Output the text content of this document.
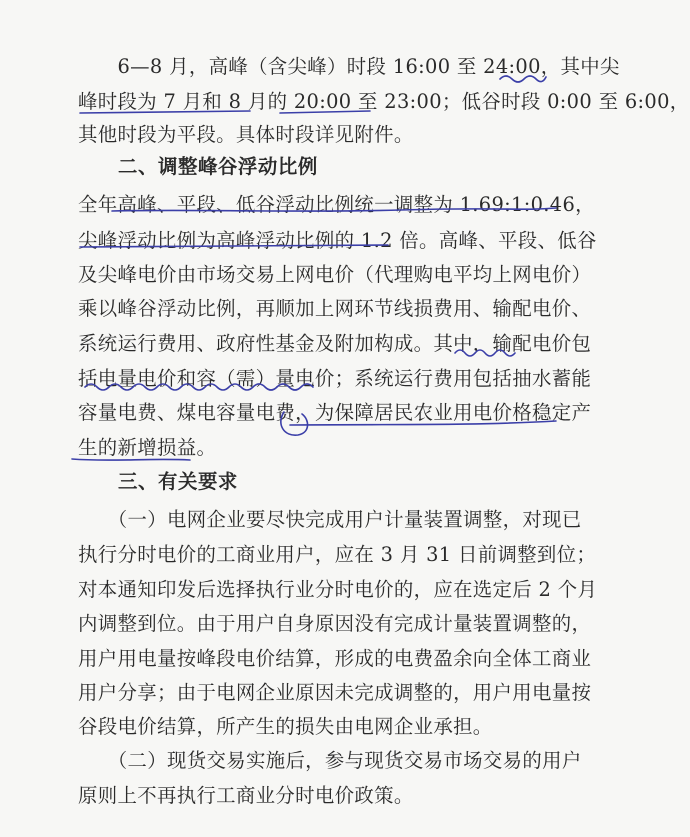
　　6—8 月，高峰（含尖峰）时段 16:00 至 24:00，其中尖
峰时段为 7 月和 8 月的 20:00 至 23:00；低谷时段 0:00 至 6:00，
其他时段为平段。具体时段详见附件。
　　二、调整峰谷浮动比例
全年高峰、平段、低谷浮动比例统一调整为 1.69:1:0.46，
尖峰浮动比例为高峰浮动比例的 1.2 倍。高峰、平段、低谷
及尖峰电价由市场交易上网电价（代理购电平均上网电价）
乘以峰谷浮动比例，再顺加上网环节线损费用、输配电价、
系统运行费用、政府性基金及附加构成。其中，输配电价包
括电量电价和容（需）量电价；系统运行费用包括抽水蓄能
容量电费、煤电容量电费，为保障居民农业用电价格稳定产
生的新增损益。
　　三、有关要求
　　（一）电网企业要尽快完成用户计量装置调整，对现已
执行分时电价的工商业用户，应在 3 月 31 日前调整到位；
对本通知印发后选择执行业分时电价的，应在选定后 2 个月
内调整到位。由于用户自身原因没有完成计量装置调整的，
用户用电量按峰段电价结算，形成的电费盈余向全体工商业
用户分享；由于电网企业原因未完成调整的，用户用电量按
谷段电价结算，所产生的损失由电网企业承担。
　　（二）现货交易实施后，参与现货交易市场交易的用户
原则上不再执行工商业分时电价政策。
